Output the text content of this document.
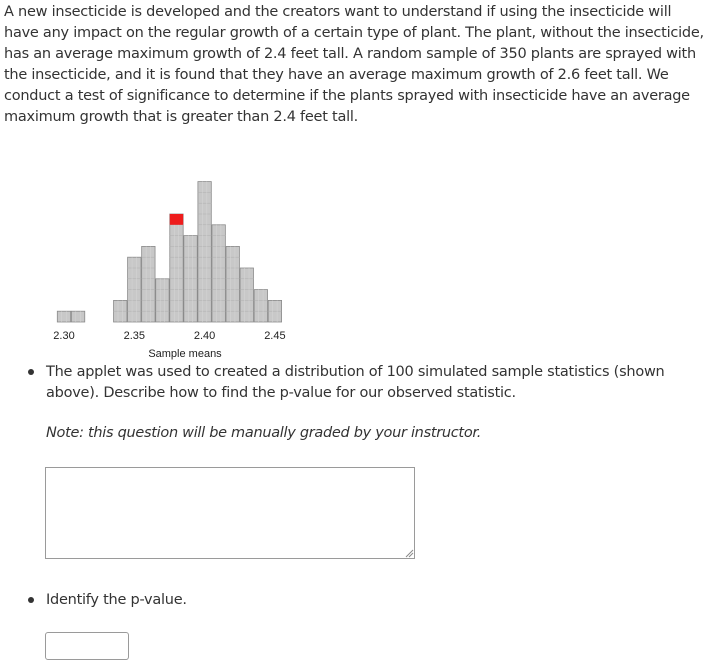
A new insecticide is developed and the creators want to understand if using the insecticide will have any impact on the regular growth of a certain type of plant. The plant, without the insecticide, has an average maximum growth of 2.4 feet tall. A random sample of 350 plants are sprayed with the insecticide, and it is found that they have an average maximum growth of 2.6 feet tall. We conduct a test of significance to determine if the plants sprayed with insecticide have an average maximum growth that is greater than 2.4 feet tall.

2.30	2.35	2.40	2.45
Sample means
The applet was used to created a distribution of 100 simulated sample statistics (shown above). Describe how to find the p-value for our observed statistic.
Note: this question will be manually graded by your instructor.
Identify the p-value.
